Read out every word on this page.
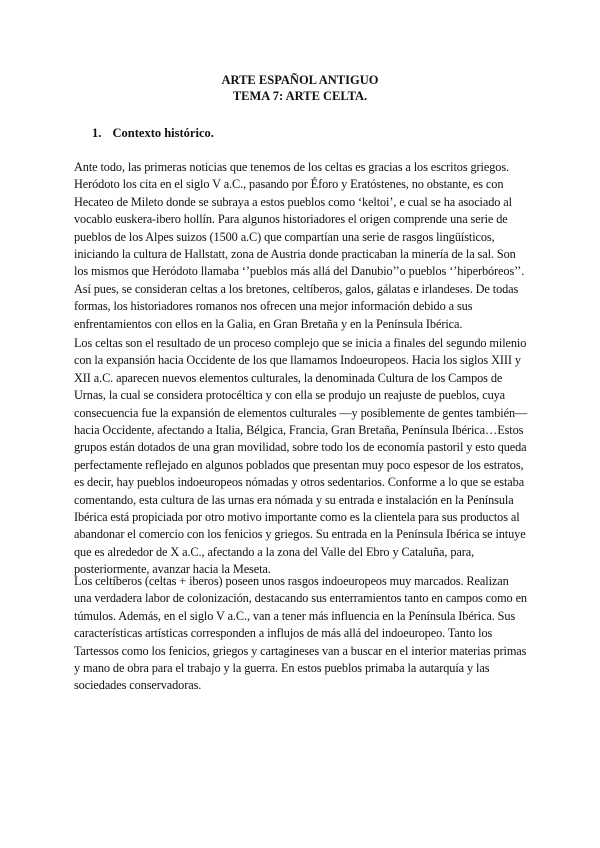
ARTE ESPAÑOL ANTIGUO
TEMA 7: ARTE CELTA.
1. Contexto histórico.
Ante todo, las primeras noticias que tenemos de los celtas es gracias a los escritos griegos.
Heródoto los cita en el siglo V a.C., pasando por Éforo y Eratóstenes, no obstante, es con
Hecateo de Mileto donde se subraya a estos pueblos como ‘keltoi’, e cual se ha asociado al
vocablo euskera-ibero hollín. Para algunos historiadores el origen comprende una serie de
pueblos de los Alpes suizos (1500 a.C) que compartían una serie de rasgos lingüísticos,
iniciando la cultura de Hallstatt, zona de Austria donde practicaban la minería de la sal. Son
los mismos que Heródoto llamaba ‘’pueblos más allá del Danubio’’o pueblos ‘’hiperbóreos’’.
Así pues, se consideran celtas a los bretones, celtíberos, galos, gálatas e irlandeses. De todas
formas, los historiadores romanos nos ofrecen una mejor información debido a sus
enfrentamientos con ellos en la Galia, en Gran Bretaña y en la Península Ibérica.
Los celtas son el resultado de un proceso complejo que se inicia a finales del segundo milenio
con la expansión hacia Occidente de los que llamamos Indoeuropeos. Hacia los siglos XIII y
XII a.C. aparecen nuevos elementos culturales, la denominada Cultura de los Campos de
Urnas, la cual se considera protocéltica y con ella se produjo un reajuste de pueblos, cuya
consecuencia fue la expansión de elementos culturales —y posiblemente de gentes también—
hacia Occidente, afectando a Italia, Bélgica, Francia, Gran Bretaña, Península Ibérica…Estos
grupos están dotados de una gran movilidad, sobre todo los de economía pastoril y esto queda
perfectamente reflejado en algunos poblados que presentan muy poco espesor de los estratos,
es decir, hay pueblos indoeuropeos nómadas y otros sedentarios. Conforme a lo que se estaba
comentando, esta cultura de las urnas era nómada y su entrada e instalación en la Península
Ibérica está propiciada por otro motivo importante como es la clientela para sus productos al
abandonar el comercio con los fenicios y griegos. Su entrada en la Península Ibérica se intuye
que es alrededor de X a.C., afectando a la zona del Valle del Ebro y Cataluña, para,
posteriormente, avanzar hacia la Meseta.
Los celtíberos (celtas + iberos) poseen unos rasgos indoeuropeos muy marcados. Realizan
una verdadera labor de colonización, destacando sus enterramientos tanto en campos como en
túmulos. Además, en el siglo V a.C., van a tener más influencia en la Península Ibérica. Sus
características artísticas corresponden a influjos de más allá del indoeuropeo. Tanto los
Tartessos como los fenicios, griegos y cartagineses van a buscar en el interior materias primas
y mano de obra para el trabajo y la guerra. En estos pueblos primaba la autarquía y las
sociedades conservadoras.
